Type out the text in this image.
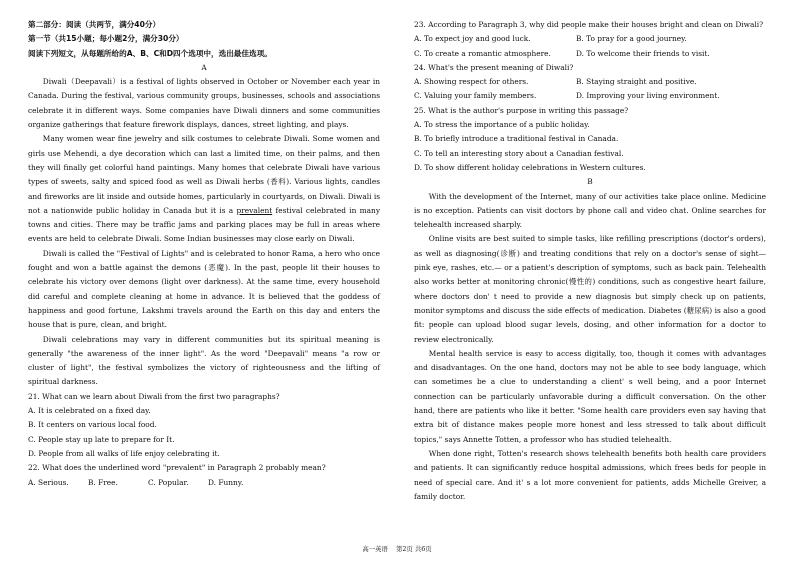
第二部分：阅读（共两节，满分40分）
第一节（共15小题；每小题2分，满分30分）
阅读下列短文，从每题所给的A、B、C和D四个选项中，选出最佳选项。
A

Diwali（Deepavali）is a festival of lights observed in October or November each year in Canada. During the festival, various community groups, businesses, schools and associations celebrate it in different ways. Some companies have Diwali dinners and some communities organize gatherings that feature firework displays, dances, street lighting, and plays.

Many women wear fine jewelry and silk costumes to celebrate Diwali. Some women and girls use Mehendi, a dye decoration which can last a limited time, on their palms, and then they will finally get colorful hand paintings. Many homes that celebrate Diwali have various types of sweets, salty and spiced food as well as Diwali herbs (香料). Various lights, candles and fireworks are lit inside and outside homes, particularly in courtyards, on Diwali. Diwali is not a nationwide public holiday in Canada but it is a prevalent festival celebrated in many towns and cities. There may be traffic jams and parking places may be full in areas where events are held to celebrate Diwali. Some Indian businesses may close early on Diwali.

Diwali is called the "Festival of Lights" and is celebrated to honor Rama, a hero who once fought and won a battle against the demons (恶魔). In the past, people lit their houses to celebrate his victory over demons (light over darkness). At the same time, every household did careful and complete cleaning at home in advance. It is believed that the goddess of happiness and good fortune, Lakshmi travels around the Earth on this day and enters the house that is pure, clean, and bright.

Diwali celebrations may vary in different communities but its spiritual meaning is generally "the awareness of the inner light". As the word "Deepavali" means "a row or cluster of light", the festival symbolizes the victory of righteousness and the lifting of spiritual darkness.

21. What can we learn about Diwali from the first two paragraphs?
A. It is celebrated on a fixed day.
B. It centers on various local food.
C. People stay up late to prepare for It.
D. People from all walks of life enjoy celebrating it.
22. What does the underlined word "prevalent" in Paragraph 2 probably mean?
A. Serious.	B. Free.	C. Popular.	D. Funny.
23. According to Paragraph 3, why did people make their houses bright and clean on Diwali?
A. To expect joy and good luck.	B. To pray for a good journey.
C. To create a romantic atmosphere.	D. To welcome their friends to visit.
24. What's the present meaning of Diwali?
A. Showing respect for others.	B. Staying straight and positive.
C. Valuing your family members.	D. Improving your living environment.
25. What is the author's purpose in writing this passage?
A. To stress the importance of a public holiday.
B. To briefly introduce a traditional festival in Canada.
C. To tell an interesting story about a Canadian festival.
D. To show different holiday celebrations in Western cultures.
B

With the development of the Internet, many of our activities take place online. Medicine is no exception. Patients can visit doctors by phone call and video chat. Online searches for telehealth increased sharply.

Online visits are best suited to simple tasks, like refilling prescriptions (doctor's orders), as well as diagnosing(诊断) and treating conditions that rely on a doctor's sense of sight— pink eye, rashes, etc.— or a patient's description of symptoms, such as back pain. Telehealth also works better at monitoring chronic(慢性的) conditions, such as congestive heart failure, where doctors don' t need to provide a new diagnosis but simply check up on patients, monitor symptoms and discuss the side effects of medication. Diabetes (糖尿病) is also a good fit: people can upload blood sugar levels, dosing, and other information for a doctor to review electronically.

Mental health service is easy to access digitally, too, though it comes with advantages and disadvantages. On the one hand, doctors may not be able to see body language, which can sometimes be a clue to understanding a client' s well being, and a poor Internet connection can be particularly unfavorable during a difficult conversation. On the other hand, there are patients who like it better. "Some health care providers even say having that extra bit of distance makes people more honest and less stressed to talk about difficult topics," says Annette Totten, a professor who has studied telehealth.

When done right, Totten's research shows telehealth benefits both health care providers and patients. It can significantly reduce hospital admissions, which frees beds for people in need of special care. And it' s a lot more convenient for patients, adds Michelle Greiver, a family doctor.

高一英语 第2页 共6页
